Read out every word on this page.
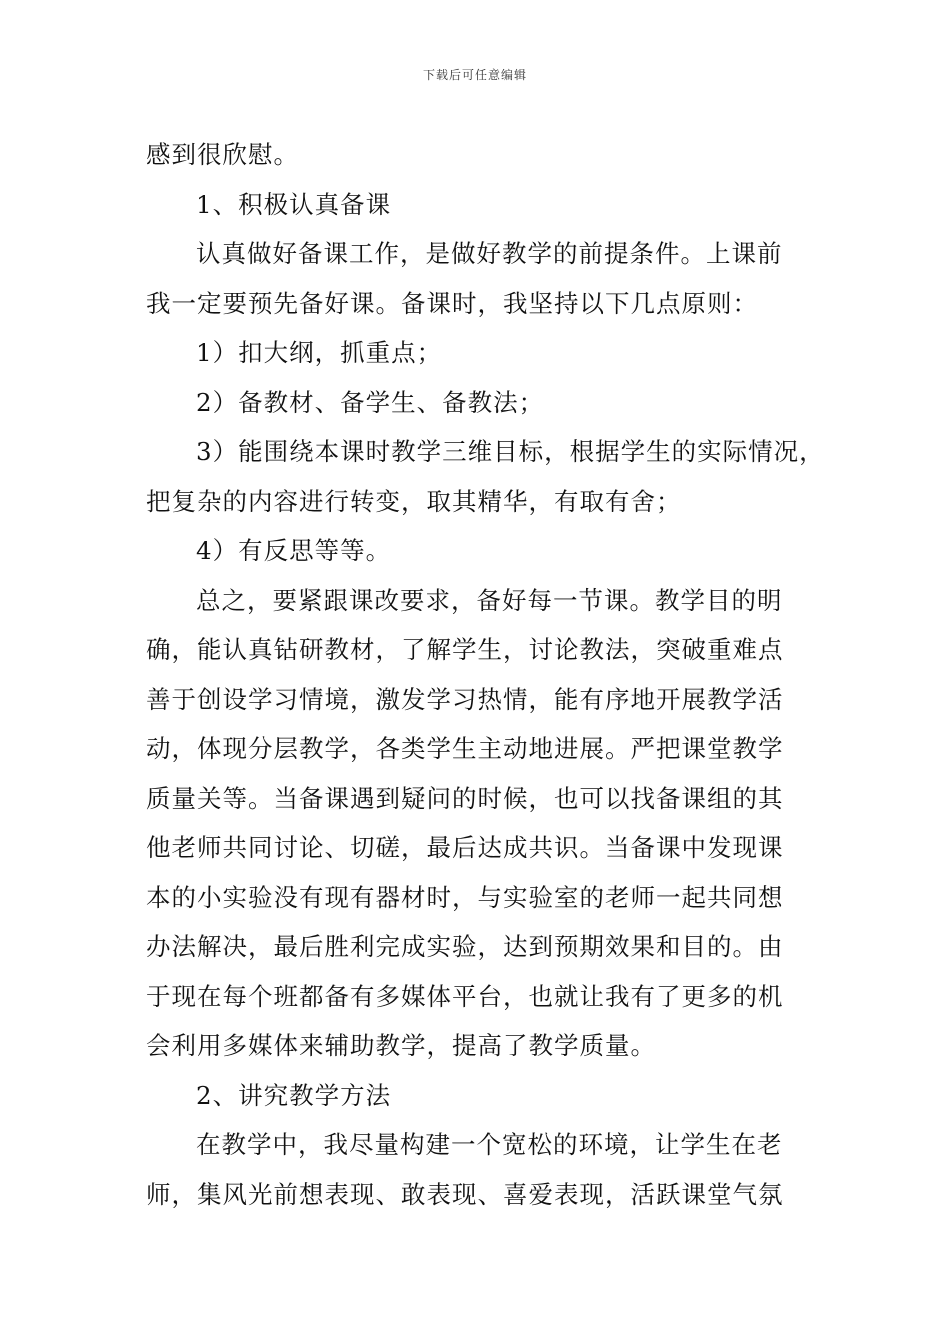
下载后可任意编辑
感到很欣慰。
1、积极认真备课
认真做好备课工作，是做好教学的前提条件。上课前
我一定要预先备好课。备课时，我坚持以下几点原则：
1）扣大纲，抓重点；
2）备教材、备学生、备教法；
3）能围绕本课时教学三维目标，根据学生的实际情况，
把复杂的内容进行转变，取其精华，有取有舍；
4）有反思等等。
总之，要紧跟课改要求，备好每一节课。教学目的明
确，能认真钻研教材，了解学生，讨论教法，突破重难点
善于创设学习情境，激发学习热情，能有序地开展教学活
动，体现分层教学，各类学生主动地进展。严把课堂教学
质量关等。当备课遇到疑问的时候，也可以找备课组的其
他老师共同讨论、切磋，最后达成共识。当备课中发现课
本的小实验没有现有器材时，与实验室的老师一起共同想
办法解决，最后胜利完成实验，达到预期效果和目的。由
于现在每个班都备有多媒体平台，也就让我有了更多的机
会利用多媒体来辅助教学，提高了教学质量。
2、讲究教学方法
在教学中，我尽量构建一个宽松的环境，让学生在老
师，集风光前想表现、敢表现、喜爱表现，活跃课堂气氛
